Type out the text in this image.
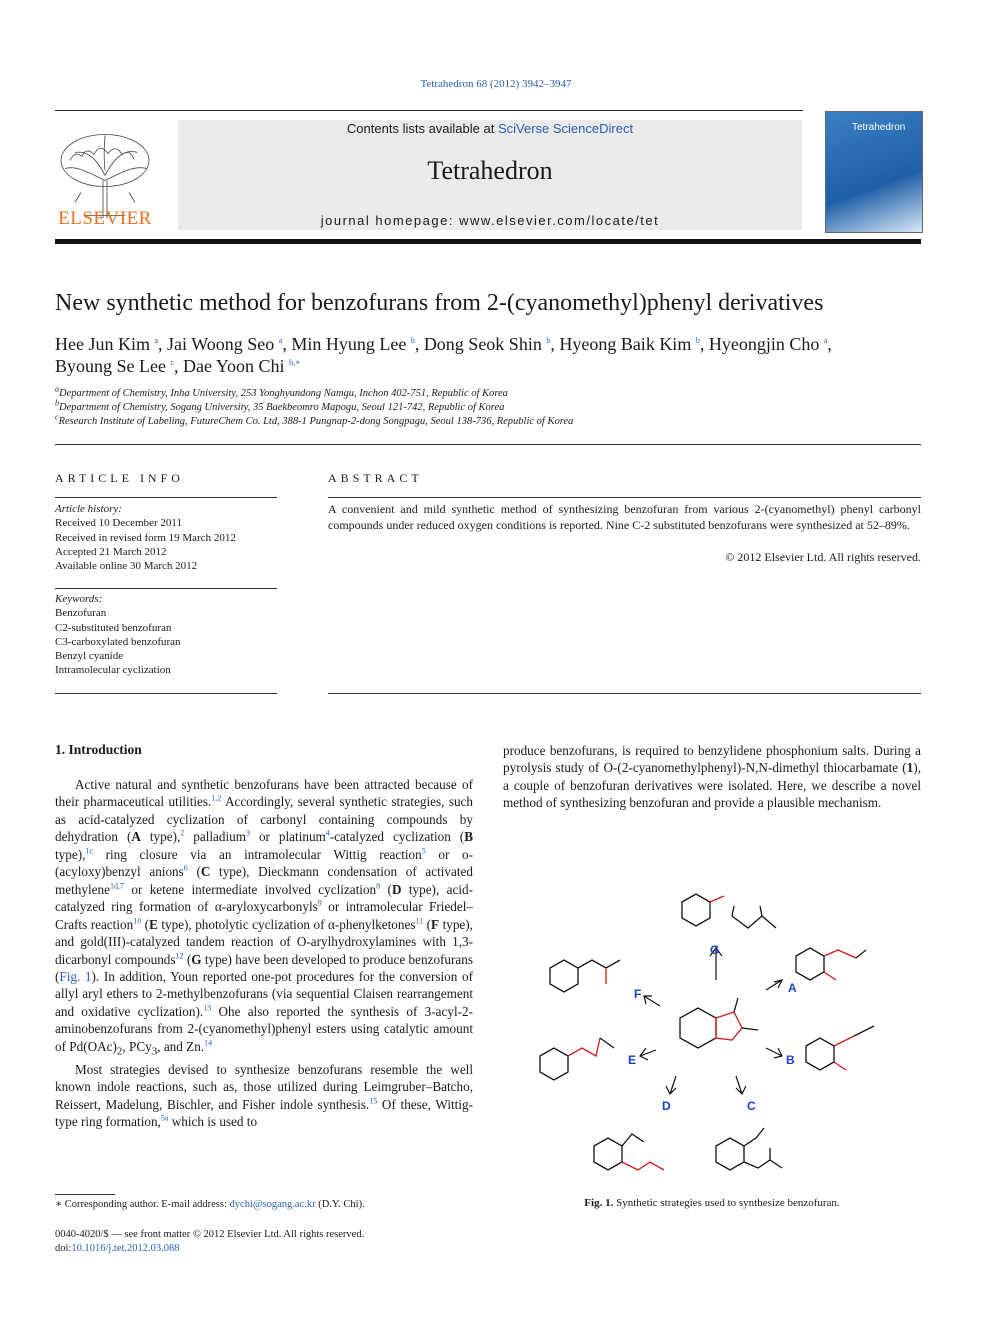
Tetrahedron 68 (2012) 3942–3947
ELSEVIER
Contents lists available at SciVerse ScienceDirect
Tetrahedron
journal homepage: www.elsevier.com/locate/tet
Tetrahedron
New synthetic method for benzofurans from 2-(cyanomethyl)phenyl derivatives
Hee Jun Kim $^a$, Jai Woong Seo $^a$, Min Hyung Lee $^b$, Dong Seok Shin $^b$, Hyeong Baik Kim $^b$, Hyeongjin Cho $^a$,
Byoung Se Lee $^c$, Dae Yoon Chi $^{b,∗}$
$^a$Department of Chemistry, Inha University, 253 Yonghyundong Namgu, Inchon 402-751, Republic of Korea
$^b$Department of Chemistry, Sogang University, 35 Baekbeomro Mapogu, Seoul 121-742, Republic of Korea
$^c$Research Institute of Labeling, FutureChem Co. Ltd, 388-1 Pungnap-2-dong Songpagu, Seoul 138-736, Republic of Korea
ARTICLE INFO
Article history:
Received 10 December 2011
Received in revised form 19 March 2012
Accepted 21 March 2012
Available online 30 March 2012
Keywords:
Benzofuran
C2-substituted benzofuran
C3-carboxylated benzofuran
Benzyl cyanide
Intramolecular cyclization
ABSTRACT
A convenient and mild synthetic method of synthesizing benzofuran from various 2-(cyanomethyl) phenyl carbonyl compounds under reduced oxygen conditions is reported. Nine C-2 substituted benzofurans were synthesized at 52–89%.
© 2012 Elsevier Ltd. All rights reserved.
1. Introduction
Active natural and synthetic benzofurans have been attracted because of their pharmaceutical utilities.$^{1,2}$ Accordingly, several synthetic strategies, such as acid-catalyzed cyclization of carbonyl containing compounds by dehydration (A type),$^2$ palladium$^3$ or platinum$^4$-catalyzed cyclization (B type),$^{1c}$ ring closure via an intramolecular Wittig reaction$^5$ or o-(acyloxy)benzyl anions$^6$ (C type), Dieckmann condensation of activated methylene$^{1d,7}$ or ketene intermediate involved cyclization$^8$ (D type), acid-catalyzed ring formation of α-aryloxycarbonyls$^9$ or intramolecular Friedel–Crafts reaction$^{10}$ (E type), photolytic cyclization of α-phenylketones$^{11}$ (F type), and gold(III)-catalyzed tandem reaction of O-arylhydroxylamines with 1,3-dicarbonyl compounds$^{12}$ (G type) have been developed to produce benzofurans (Fig. 1). In addition, Youn reported one-pot procedures for the conversion of allyl aryl ethers to 2-methylbenzofurans (via sequential Claisen rearrangement and oxidative cyclization).$^{13}$ Ohe also reported the synthesis of 3-acyl-2-aminobenzofurans from 2-(cyanomethyl)phenyl esters using catalytic amount of $Pd(OAc)_2$, PCy$_3$, and Zn.$^{14}$
Most strategies devised to synthesize benzofurans resemble the well known indole reactions, such as, those utilized during Leimgruber–Batcho, Reissert, Madelung, Bischler, and Fisher indole synthesis.$^{15}$ Of these, Wittig-type ring formation,$^{5a}$ which is used to
produce benzofurans, is required to benzylidene phosphonium salts. During a pyrolysis study of O-(2-cyanomethylphenyl)-N,N-dimethyl thiocarbamate (1), a couple of benzofuran derivatives were isolated. Here, we describe a novel method of synthesizing benzofuran and provide a plausible mechanism.
G
A
B
C
D
E
F
Fig. 1. Synthetic strategies used to synthesize benzofuran.
∗ Corresponding author. E-mail address: dychi@sogang.ac.kr (D.Y. Chi).
0040-4020/$ — see front matter © 2012 Elsevier Ltd. All rights reserved.
doi:10.1016/j.tet.2012.03.088
